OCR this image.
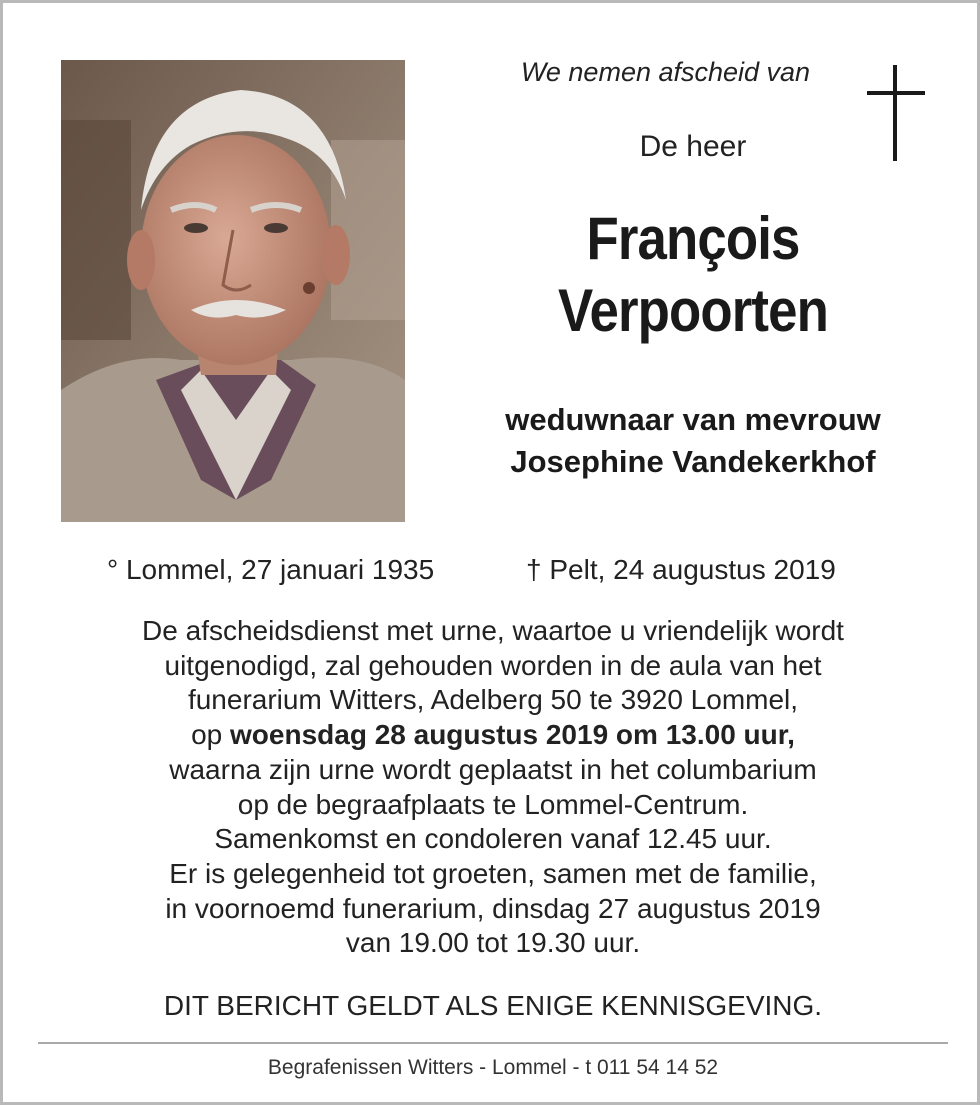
We nemen afscheid van
De heer
François
Verpoorten
weduwnaar van mevrouw
Josephine Vandekerkhof
° Lommel, 27 januari 1935	† Pelt, 24 augustus 2019
De afscheidsdienst met urne, waartoe u vriendelijk wordt
uitgenodigd, zal gehouden worden in de aula van het
funerarium Witters, Adelberg 50 te 3920 Lommel,
op woensdag 28 augustus 2019 om 13.00 uur,
waarna zijn urne wordt geplaatst in het columbarium
op de begraafplaats te Lommel-Centrum.
Samenkomst en condoleren vanaf 12.45 uur.
Er is gelegenheid tot groeten, samen met de familie,
in voornoemd funerarium, dinsdag 27 augustus 2019
van 19.00 tot 19.30 uur.
DIT BERICHT GELDT ALS ENIGE KENNISGEVING.
Begrafenissen Witters - Lommel - t 011 54 14 52
